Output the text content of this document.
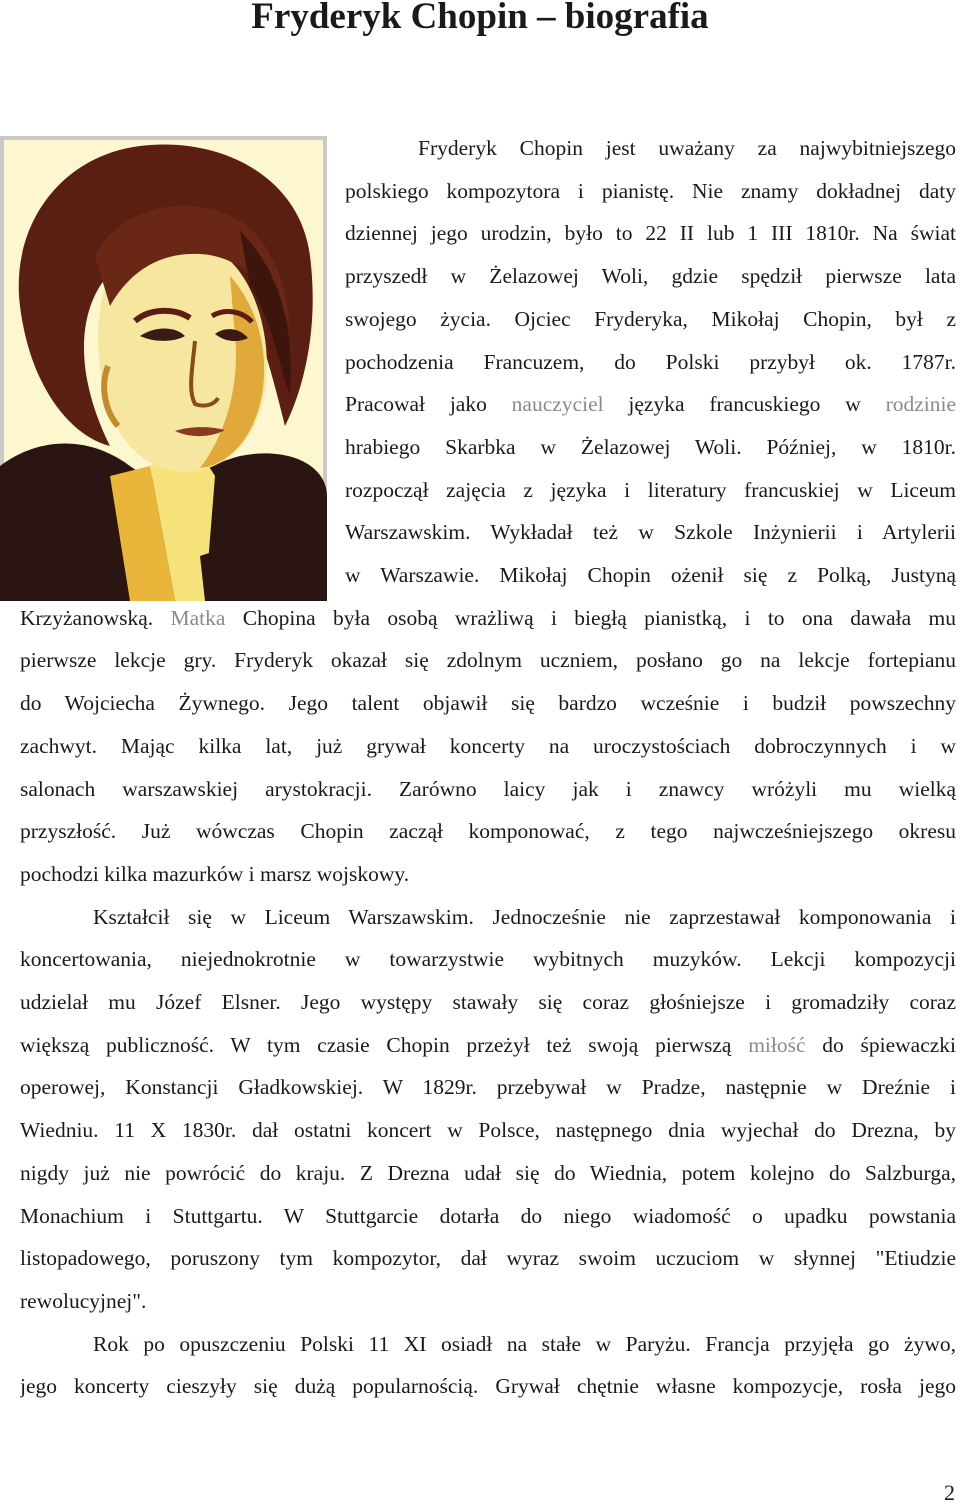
Fryderyk Chopin – biografia
Fryderyk Chopin jest uważany za najwybitniejszego
polskiego kompozytora i pianistę. Nie znamy dokładnej daty
dziennej jego urodzin, było to 22 II lub 1 III 1810r. Na świat
przyszedł w Żelazowej Woli, gdzie spędził pierwsze lata
swojego życia. Ojciec Fryderyka, Mikołaj Chopin, był z
pochodzenia Francuzem, do Polski przybył ok. 1787r.
Pracował jako nauczyciel języka francuskiego w rodzinie
hrabiego Skarbka w Żelazowej Woli. Później, w 1810r.
rozpoczął zajęcia z języka i literatury francuskiej w Liceum
Warszawskim. Wykładał też w Szkole Inżynierii i Artylerii
w Warszawie. Mikołaj Chopin ożenił się z Polką, Justyną
Krzyżanowską. Matka Chopina była osobą wrażliwą i biegłą pianistką, i to ona dawała mu
pierwsze lekcje gry. Fryderyk okazał się zdolnym uczniem, posłano go na lekcje fortepianu
do Wojciecha Żywnego. Jego talent objawił się bardzo wcześnie i budził powszechny
zachwyt. Mając kilka lat, już grywał koncerty na uroczystościach dobroczynnych i w
salonach warszawskiej arystokracji. Zarówno laicy jak i znawcy wróżyli mu wielką
przyszłość. Już wówczas Chopin zaczął komponować, z tego najwcześniejszego okresu
pochodzi kilka mazurków i marsz wojskowy.
Kształcił się w Liceum Warszawskim. Jednocześnie nie zaprzestawał komponowania i
koncertowania, niejednokrotnie w towarzystwie wybitnych muzyków. Lekcji kompozycji
udzielał mu Józef Elsner. Jego występy stawały się coraz głośniejsze i gromadziły coraz
większą publiczność. W tym czasie Chopin przeżył też swoją pierwszą miłość do śpiewaczki
operowej, Konstancji Gładkowskiej. W 1829r. przebywał w Pradze, następnie w Dreźnie i
Wiedniu. 11 X 1830r. dał ostatni koncert w Polsce, następnego dnia wyjechał do Drezna, by
nigdy już nie powrócić do kraju. Z Drezna udał się do Wiednia, potem kolejno do Salzburga,
Monachium i Stuttgartu. W Stuttgarcie dotarła do niego wiadomość o upadku powstania
listopadowego, poruszony tym kompozytor, dał wyraz swoim uczuciom w słynnej "Etiudzie
rewolucyjnej".
Rok po opuszczeniu Polski 11 XI osiadł na stałe w Paryżu. Francja przyjęła go żywo,
jego koncerty cieszyły się dużą popularnością. Grywał chętnie własne kompozycje, rosła jego
2
